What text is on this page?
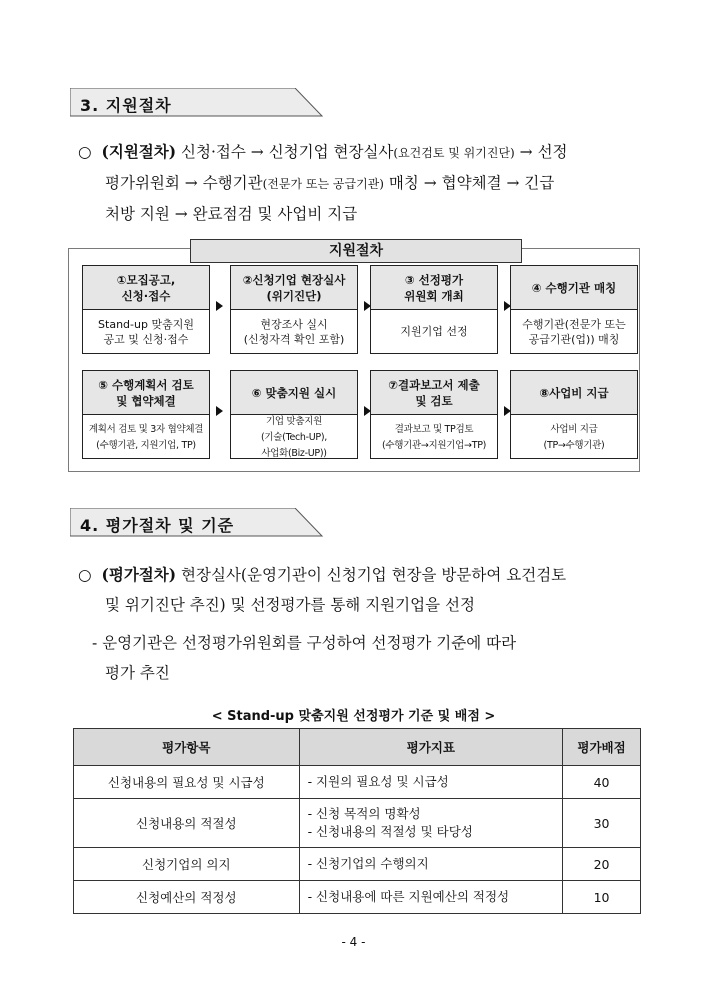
3. 지원절차
○ (지원절차) 신청·접수 → 신청기업 현장실사(요건검토 및 위기진단) → 선정
평가위원회 → 수행기관(전문가 또는 공급기관) 매칭 → 협약체결 → 긴급
처방 지원 → 완료점검 및 사업비 지급
지원절차
①모집공고,
신청·접수
Stand-up 맞춤지원
공고 및 신청·접수
②신청기업 현장실사
(위기진단)
현장조사 실시
(신청자격 확인 포함)
③ 선정평가
위원회 개최
지원기업 선정
④ 수행기관 매칭
수행기관(전문가 또는
공급기관(업)) 매칭
⑤ 수행계획서 검토
및 협약체결
계획서 검토 및 3자 협약체결
(수행기관, 지원기업, TP)
⑥ 맞춤지원 실시
기업 맞춤지원
(기술(Tech-UP),
사업화(Biz-UP))
⑦결과보고서 제출
및 검토
결과보고 및 TP검토
(수행기관→지원기업→TP)
⑧사업비 지급
사업비 지급
(TP→수행기관)
4. 평가절차 및 기준
○ (평가절차) 현장실사(운영기관이 신청기업 현장을 방문하여 요건검토
및 위기진단 추진) 및 선정평가를 통해 지원기업을 선정
- 운영기관은 선정평가위원회를 구성하여 선정평가 기준에 따라
평가 추진
< Stand-up 맞춤지원 선정평가 기준 및 배점 >
평가항목	평가지표	평가배점
신청내용의 필요성 및 시급성	- 지원의 필요성 및 시급성	40
신청내용의 적절성	- 신청 목적의 명확성
- 신청내용의 적절성 및 타당성	30
신청기업의 의지	- 신청기업의 수행의지	20
신청예산의 적정성	- 신청내용에 따른 지원예산의 적정성	10
- 4 -
